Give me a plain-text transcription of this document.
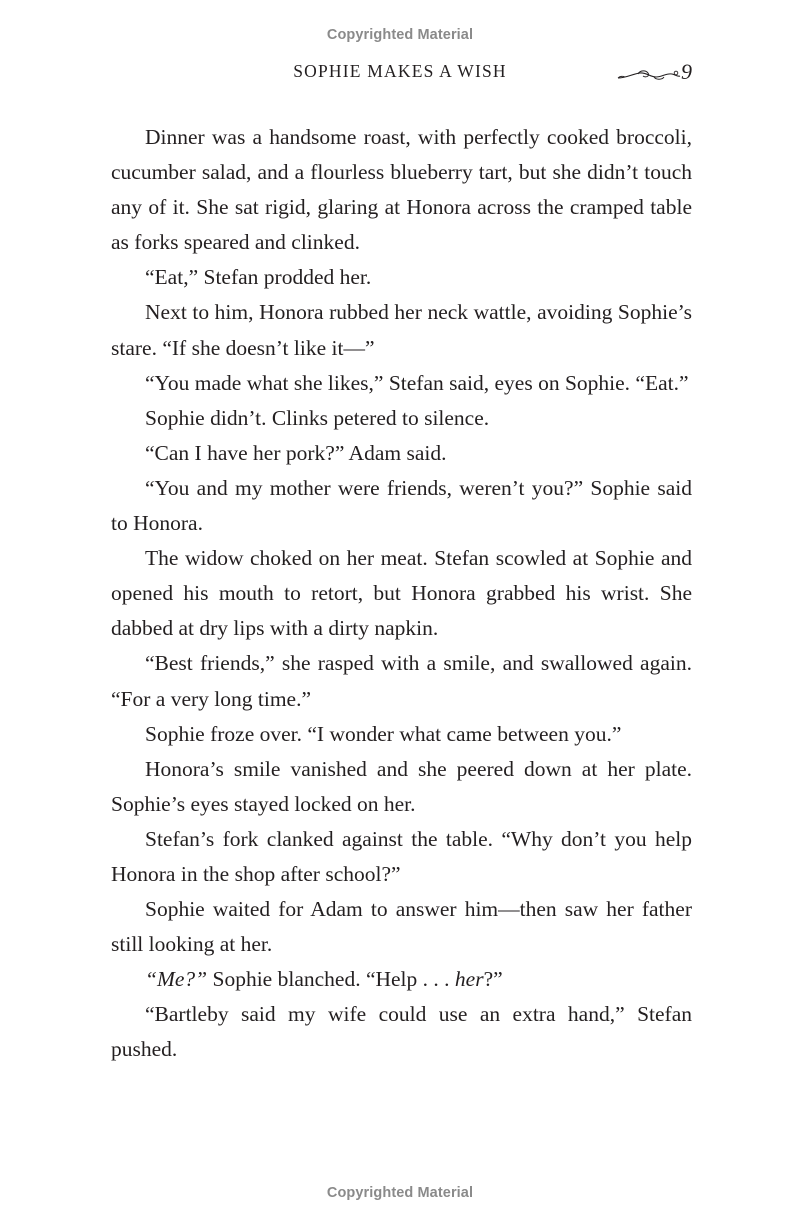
Copyrighted Material
SOPHIE MAKES A WISH	9

Dinner was a handsome roast, with perfectly cooked broccoli, cucumber salad, and a flourless blueberry tart, but she didn’t touch any of it. She sat rigid, glaring at Honora across the cramped table as forks speared and clinked.

“Eat,” Stefan prodded her.

Next to him, Honora rubbed her neck wattle, avoiding Sophie’s stare. “If she doesn’t like it—”

“You made what she likes,” Stefan said, eyes on Sophie. “Eat.”

Sophie didn’t. Clinks petered to silence.

“Can I have her pork?” Adam said.

“You and my mother were friends, weren’t you?” Sophie said to Honora.

The widow choked on her meat. Stefan scowled at Sophie and opened his mouth to retort, but Honora grabbed his wrist. She dabbed at dry lips with a dirty napkin.

“Best friends,” she rasped with a smile, and swallowed again. “For a very long time.”

Sophie froze over. “I wonder what came between you.”

Honora’s smile vanished and she peered down at her plate. Sophie’s eyes stayed locked on her.

Stefan’s fork clanked against the table. “Why don’t you help Honora in the shop after school?”

Sophie waited for Adam to answer him—then saw her father still looking at her.

“Me?” Sophie blanched. “Help . . . her?”

“Bartleby said my wife could use an extra hand,” Stefan pushed.

Copyrighted Material
